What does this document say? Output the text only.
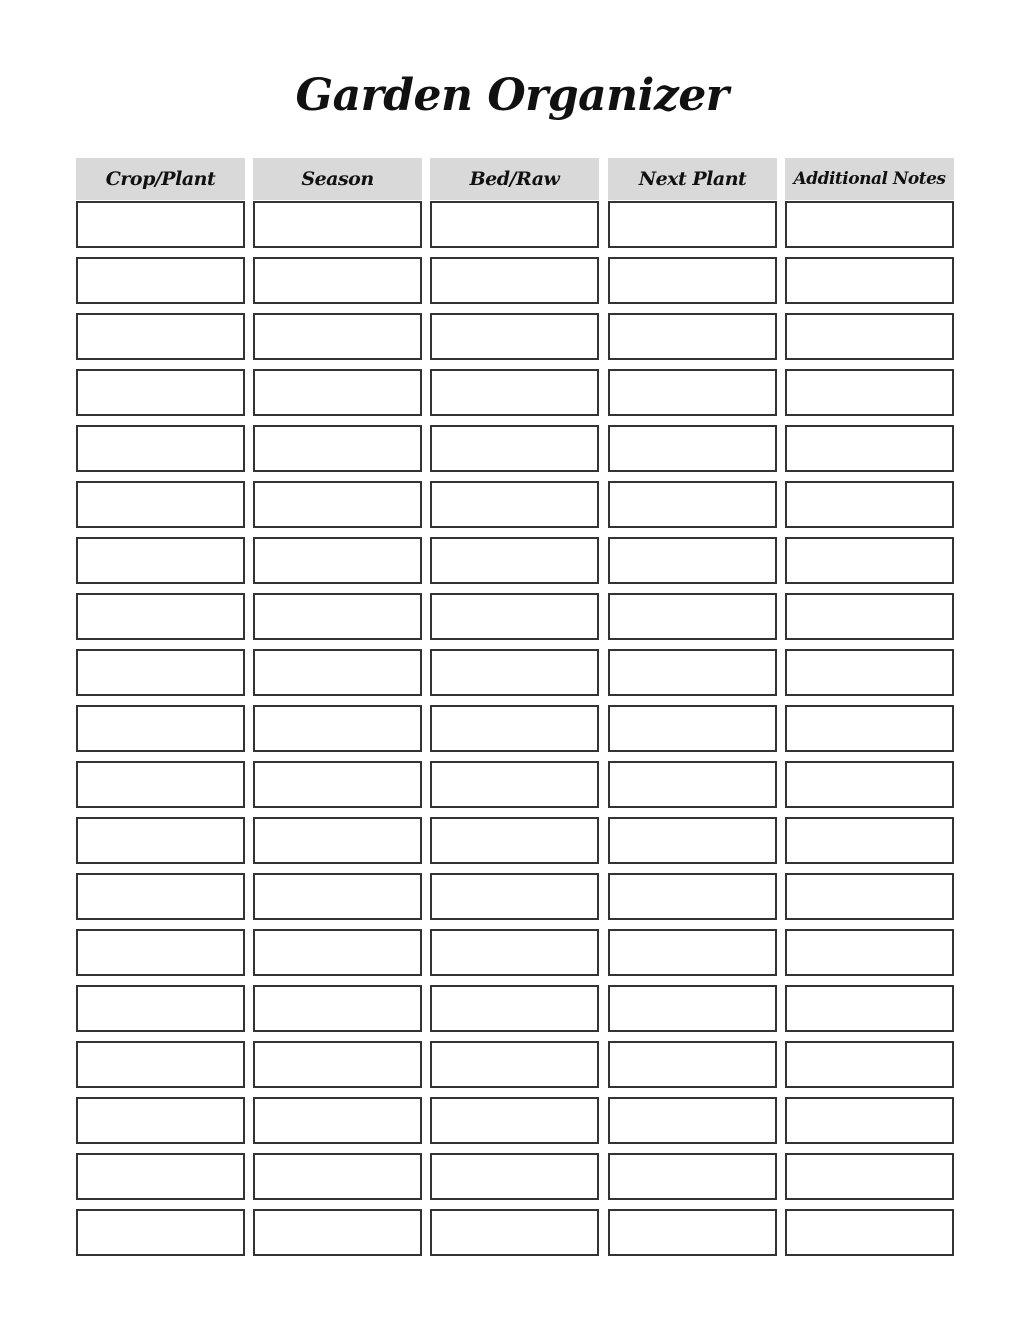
Garden Organizer
Crop/Plant	Season	Bed/Raw	Next Plant	Additional Notes
